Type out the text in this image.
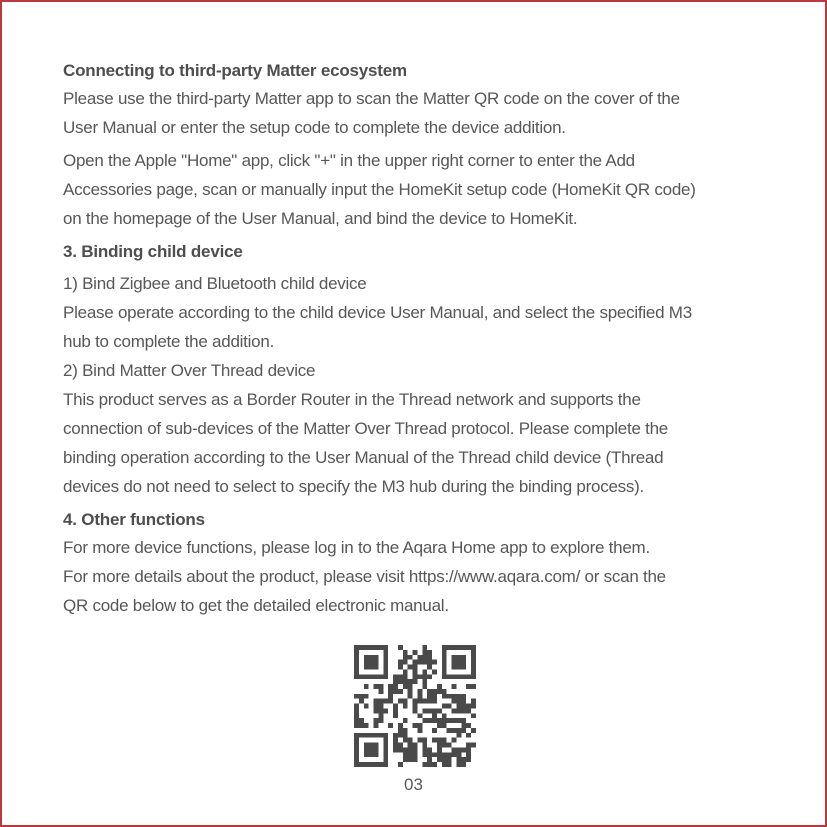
Connecting to third-party Matter ecosystem

Please use the third-party Matter app to scan the Matter QR code on the cover of the

User Manual or enter the setup code to complete the device addition.

Open the Apple "Home" app, click "+" in the upper right corner to enter the Add

Accessories page, scan or manually input the HomeKit setup code (HomeKit QR code)

on the homepage of the User Manual, and bind the device to HomeKit.

3. Binding child device

1) Bind Zigbee and Bluetooth child device

Please operate according to the child device User Manual, and select the specified M3

hub to complete the addition.

2) Bind Matter Over Thread device

This product serves as a Border Router in the Thread network and supports the

connection of sub-devices of the Matter Over Thread protocol. Please complete the

binding operation according to the User Manual of the Thread child device (Thread

devices do not need to select to specify the M3 hub during the binding process).

4. Other functions

For more device functions, please log in to the Aqara Home app to explore them.

For more details about the product, please visit https://www.aqara.com/ or scan the

QR code below to get the detailed electronic manual.

03
